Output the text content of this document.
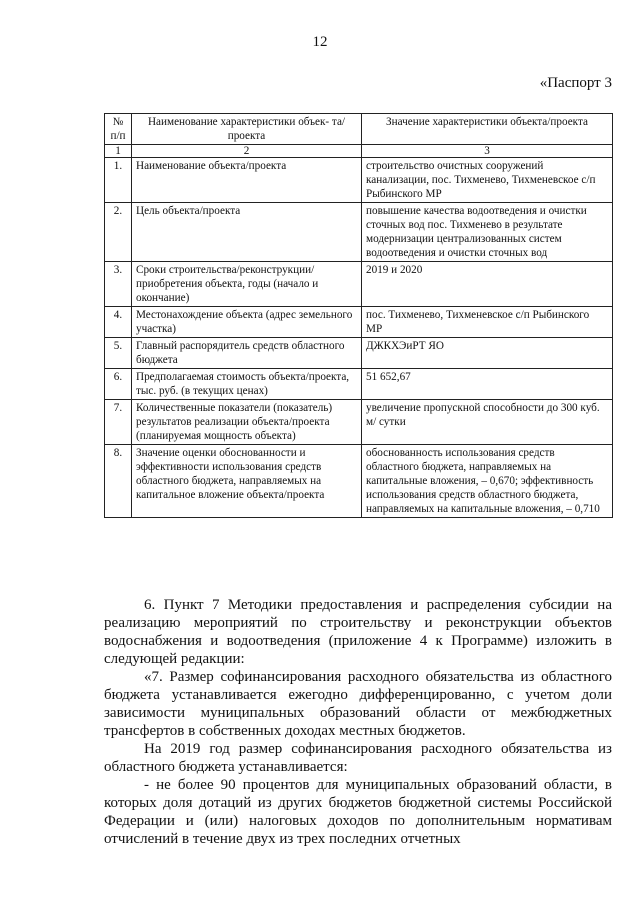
12
«Паспорт 3
№ п/п	Наименование характеристики объек- та/проекта	Значение характеристики объекта/проекта
1	2	3
1.	Наименование объекта/проекта	строительство очистных сооружений канализации, пос. Тихменево, Тихменевское с/п Рыбинского МР
2.	Цель объекта/проекта	повышение качества водоотведения и очистки сточных вод пос. Тихменево в результате модернизации централизованных систем водоотведения и очистки сточных вод
3.	Сроки строительства/реконструкции/приобретения объекта, годы (начало и окончание)	2019 и 2020
4.	Местонахождение объекта (адрес земельного участка)	пос. Тихменево, Тихменевское с/п Рыбинского МР
5.	Главный распорядитель средств областного бюджета	ДЖКХЭиРТ ЯО
6.	Предполагаемая стоимость объекта/проекта, тыс. руб. (в текущих ценах)	51 652,67
7.	Количественные показатели (показатель) результатов реализации объекта/проекта (планируемая мощность объекта)	увеличение пропускной способности до 300 куб. м/ сутки
8.	Значение оценки обоснованности и эффективности использования средств областного бюджета, направляемых на капитальное вложение объекта/проекта	обоснованность использования средств областного бюджета, направляемых на капитальные вложения, – 0,670; эффективность использования средств областного бюджета, направляемых на капитальные вложения, – 0,710

6. Пункт 7 Методики предоставления и распределения субсидии на реализацию мероприятий по строительству и реконструкции объектов водоснабжения и водоотведения (приложение 4 к Программе) изложить в следующей редакции:

«7. Размер софинансирования расходного обязательства из областного бюджета устанавливается ежегодно дифференцированно, с учетом доли зависимости муниципальных образований области от межбюджетных трансфертов в собственных доходах местных бюджетов.

На 2019 год размер софинансирования расходного обязательства из областного бюджета устанавливается:

- не более 90 процентов для муниципальных образований области, в которых доля дотаций из других бюджетов бюджетной системы Российской Федерации и (или) налоговых доходов по дополнительным нормативам отчислений в течение двух из трех последних отчетных
